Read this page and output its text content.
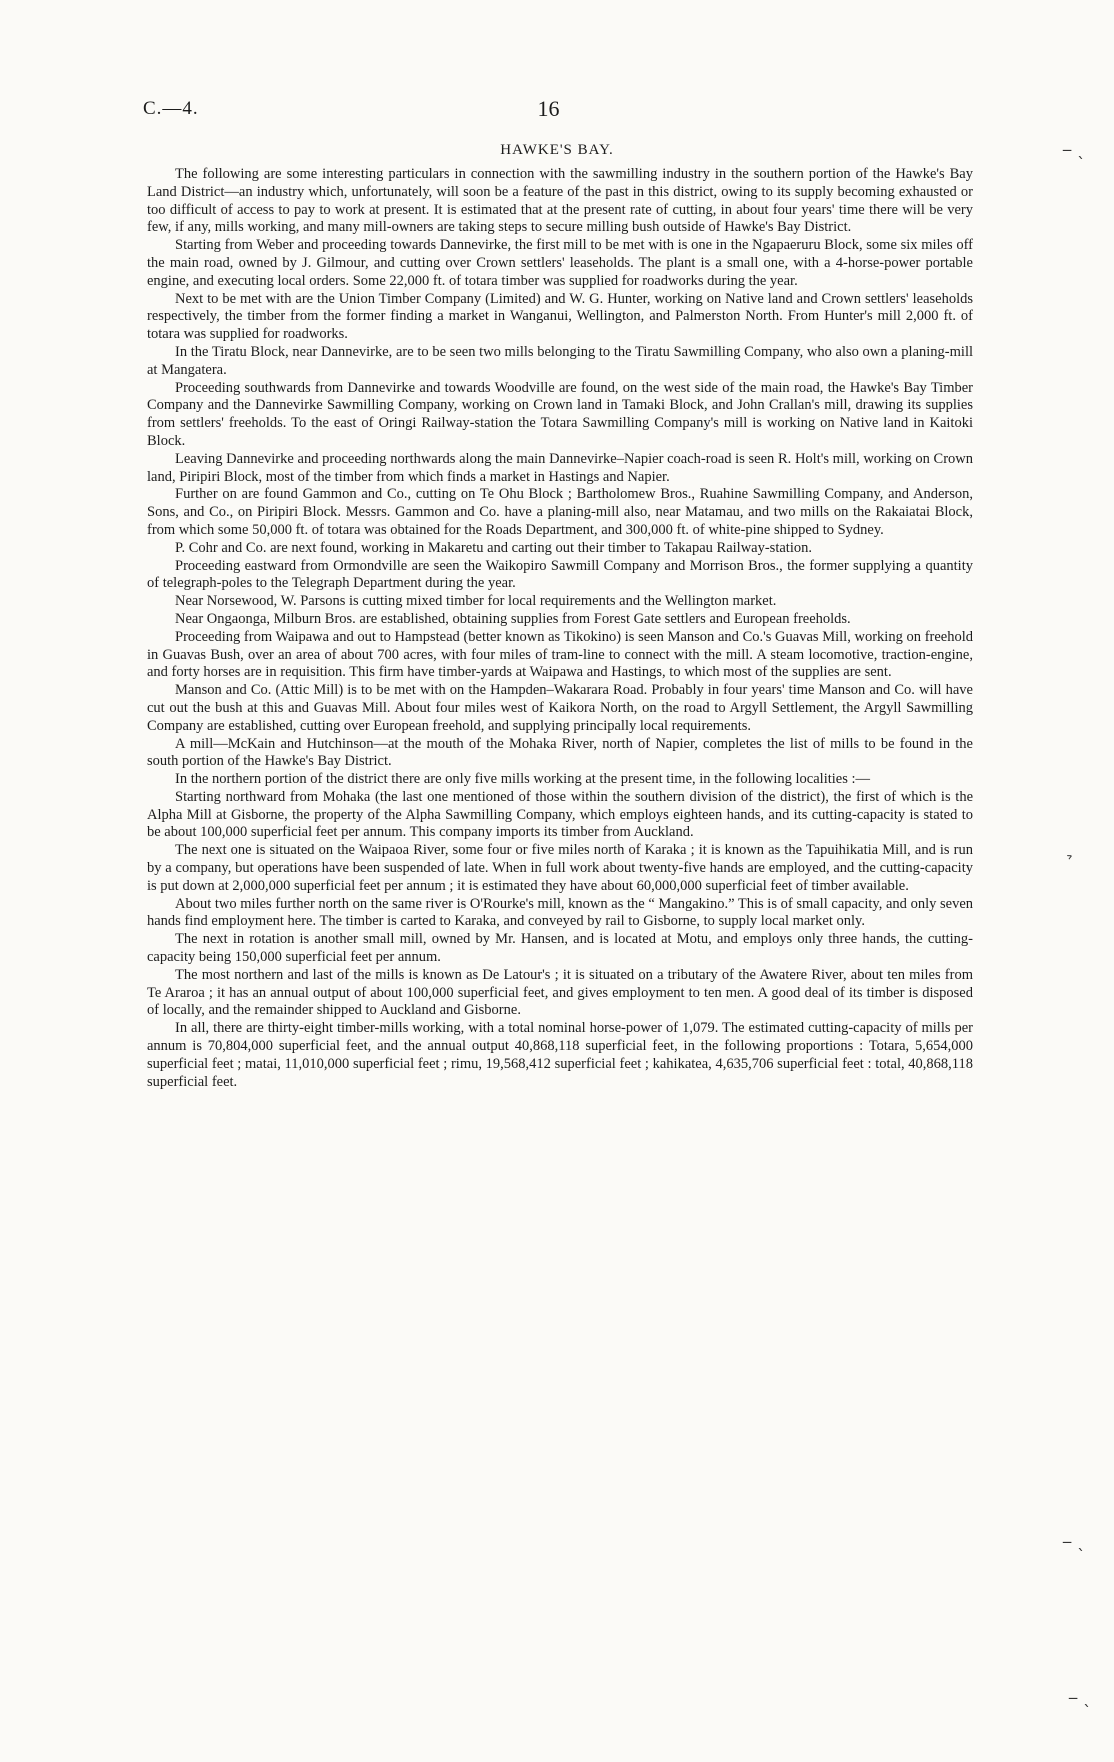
C.—4.	16
HAWKE'S BAY.

The following are some interesting particulars in connection with the sawmilling industry in the southern portion of the Hawke's Bay Land District—an industry which, unfortunately, will soon be a feature of the past in this district, owing to its supply becoming exhausted or too difficult of access to pay to work at present. It is estimated that at the present rate of cutting, in about four years' time there will be very few, if any, mills working, and many mill-owners are taking steps to secure milling bush outside of Hawke's Bay District.

Starting from Weber and proceeding towards Dannevirke, the first mill to be met with is one in the Ngapaeruru Block, some six miles off the main road, owned by J. Gilmour, and cutting over Crown settlers' leaseholds. The plant is a small one, with a 4-horse-power portable engine, and executing local orders. Some 22,000 ft. of totara timber was supplied for roadworks during the year.

Next to be met with are the Union Timber Company (Limited) and W. G. Hunter, working on Native land and Crown settlers' leaseholds respectively, the timber from the former finding a market in Wanganui, Wellington, and Palmerston North. From Hunter's mill 2,000 ft. of totara was supplied for roadworks.

In the Tiratu Block, near Dannevirke, are to be seen two mills belonging to the Tiratu Sawmilling Company, who also own a planing-mill at Mangatera.

Proceeding southwards from Dannevirke and towards Woodville are found, on the west side of the main road, the Hawke's Bay Timber Company and the Dannevirke Sawmilling Company, working on Crown land in Tamaki Block, and John Crallan's mill, drawing its supplies from settlers' freeholds. To the east of Oringi Railway-station the Totara Sawmilling Company's mill is working on Native land in Kaitoki Block.

Leaving Dannevirke and proceeding northwards along the main Dannevirke–Napier coach-road is seen R. Holt's mill, working on Crown land, Piripiri Block, most of the timber from which finds a market in Hastings and Napier.

Further on are found Gammon and Co., cutting on Te Ohu Block ; Bartholomew Bros., Ruahine Sawmilling Company, and Anderson, Sons, and Co., on Piripiri Block. Messrs. Gammon and Co. have a planing-mill also, near Matamau, and two mills on the Rakaiatai Block, from which some 50,000 ft. of totara was obtained for the Roads Department, and 300,000 ft. of white-pine shipped to Sydney.

P. Cohr and Co. are next found, working in Makaretu and carting out their timber to Takapau Railway-station.

Proceeding eastward from Ormondville are seen the Waikopiro Sawmill Company and Morrison Bros., the former supplying a quantity of telegraph-poles to the Telegraph Department during the year.

Near Norsewood, W. Parsons is cutting mixed timber for local requirements and the Wellington market.

Near Ongaonga, Milburn Bros. are established, obtaining supplies from Forest Gate settlers and European freeholds.

Proceeding from Waipawa and out to Hampstead (better known as Tikokino) is seen Manson and Co.'s Guavas Mill, working on freehold in Guavas Bush, over an area of about 700 acres, with four miles of tram-line to connect with the mill. A steam locomotive, traction-engine, and forty horses are in requisition. This firm have timber-yards at Waipawa and Hastings, to which most of the supplies are sent.

Manson and Co. (Attic Mill) is to be met with on the Hampden–Wakarara Road. Probably in four years' time Manson and Co. will have cut out the bush at this and Guavas Mill. About four miles west of Kaikora North, on the road to Argyll Settlement, the Argyll Sawmilling Company are established, cutting over European freehold, and supplying principally local requirements.

A mill—McKain and Hutchinson—at the mouth of the Mohaka River, north of Napier, completes the list of mills to be found in the south portion of the Hawke's Bay District.

In the northern portion of the district there are only five mills working at the present time, in the following localities :—

Starting northward from Mohaka (the last one mentioned of those within the southern division of the district), the first of which is the Alpha Mill at Gisborne, the property of the Alpha Sawmilling Company, which employs eighteen hands, and its cutting-capacity is stated to be about 100,000 superficial feet per annum. This company imports its timber from Auckland.

The next one is situated on the Waipaoa River, some four or five miles north of Karaka ; it is known as the Tapuihikatia Mill, and is run by a company, but operations have been suspended of late. When in full work about twenty-five hands are employed, and the cutting-capacity is put down at 2,000,000 superficial feet per annum ; it is estimated they have about 60,000,000 superficial feet of timber available.

About two miles further north on the same river is O'Rourke's mill, known as the “ Mangakino.” This is of small capacity, and only seven hands find employment here. The timber is carted to Karaka, and conveyed by rail to Gisborne, to supply local market only.

The next in rotation is another small mill, owned by Mr. Hansen, and is located at Motu, and employs only three hands, the cutting-capacity being 150,000 superficial feet per annum.

The most northern and last of the mills is known as De Latour's ; it is situated on a tributary of the Awatere River, about ten miles from Te Araroa ; it has an annual output of about 100,000 superficial feet, and gives employment to ten men. A good deal of its timber is disposed of locally, and the remainder shipped to Auckland and Gisborne.

In all, there are thirty-eight timber-mills working, with a total nominal horse-power of 1,079. The estimated cutting-capacity of mills per annum is 70,804,000 superficial feet, and the annual output 40,868,118 superficial feet, in the following proportions : Totara, 5,654,000 superficial feet ; matai, 11,010,000 superficial feet ; rimu, 19,568,412 superficial feet ; kahikatea, 4,635,706 superficial feet : total, 40,868,118 superficial feet.

‒ ˎ
˃
‒ ˎ
‒ ˎ
